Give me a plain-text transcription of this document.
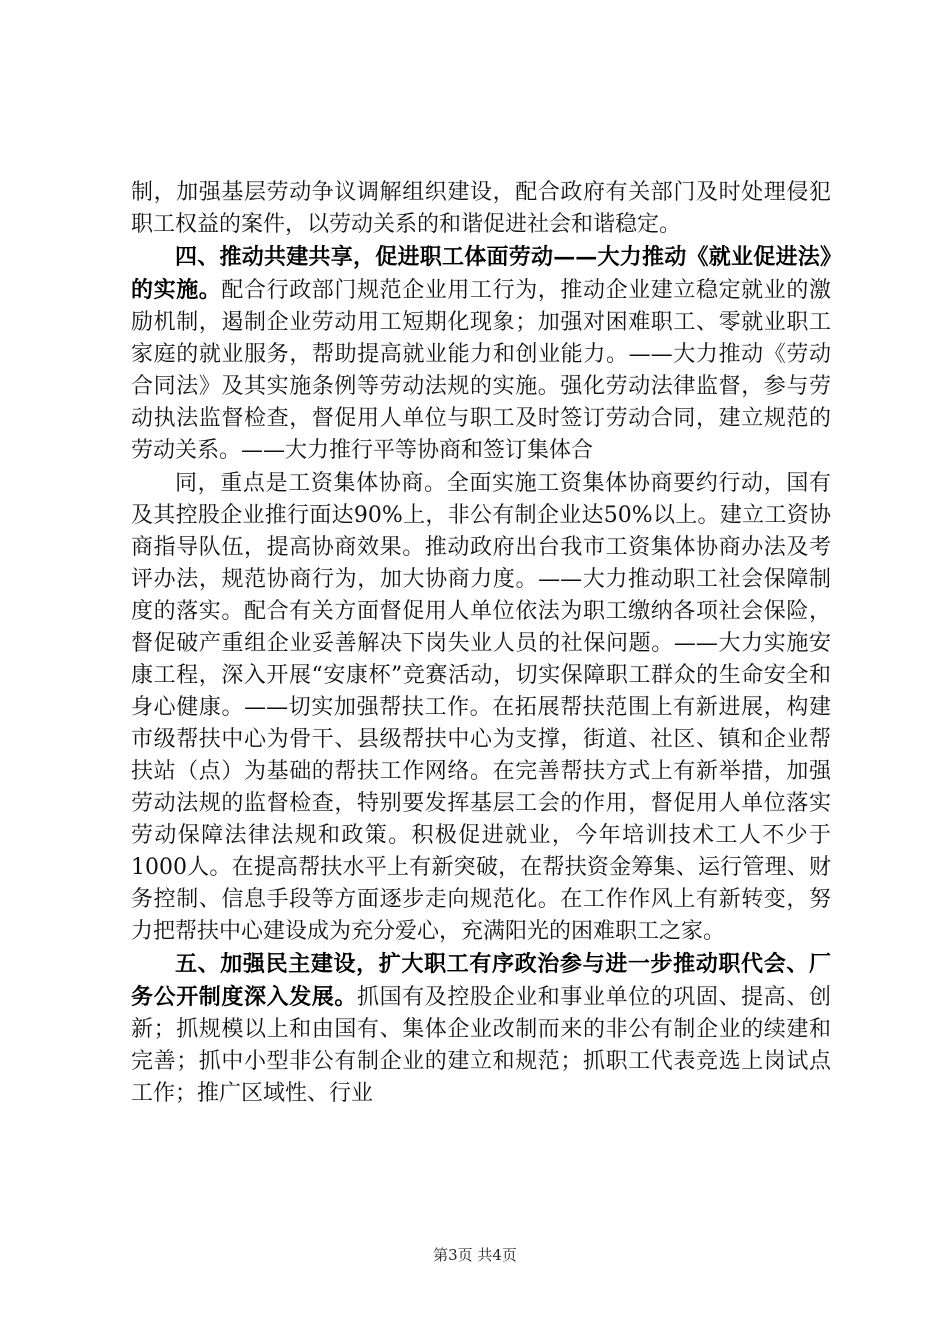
制，加强基层劳动争议调解组织建设，配合政府有关部门及时处理侵犯职工权益的案件，以劳动关系的和谐促进社会和谐稳定。

四、推动共建共享，促进职工体面劳动——大力推动《就业促进法》的实施。配合行政部门规范企业用工行为，推动企业建立稳定就业的激励机制，遏制企业劳动用工短期化现象；加强对困难职工、零就业职工家庭的就业服务，帮助提高就业能力和创业能力。——大力推动《劳动合同法》及其实施条例等劳动法规的实施。强化劳动法律监督，参与劳动执法监督检查，督促用人单位与职工及时签订劳动合同，建立规范的劳动关系。——大力推行平等协商和签订集体合

同，重点是工资集体协商。全面实施工资集体协商要约行动，国有及其控股企业推行面达90%上，非公有制企业达50%以上。建立工资协商指导队伍，提高协商效果。推动政府出台我市工资集体协商办法及考评办法，规范协商行为，加大协商力度。——大力推动职工社会保障制度的落实。配合有关方面督促用人单位依法为职工缴纳各项社会保险，督促破产重组企业妥善解决下岗失业人员的社保问题。——大力实施安康工程，深入开展“安康杯”竞赛活动，切实保障职工群众的生命安全和身心健康。——切实加强帮扶工作。在拓展帮扶范围上有新进展，构建市级帮扶中心为骨干、县级帮扶中心为支撑，街道、社区、镇和企业帮扶站（点）为基础的帮扶工作网络。在完善帮扶方式上有新举措，加强劳动法规的监督检查，特别要发挥基层工会的作用，督促用人单位落实劳动保障法律法规和政策。积极促进就业，今年培训技术工人不少于1000人。在提高帮扶水平上有新突破，在帮扶资金筹集、运行管理、财务控制、信息手段等方面逐步走向规范化。在工作作风上有新转变，努力把帮扶中心建设成为充分爱心，充满阳光的困难职工之家。

五、加强民主建设，扩大职工有序政治参与进一步推动职代会、厂务公开制度深入发展。抓国有及控股企业和事业单位的巩固、提高、创新；抓规模以上和由国有、集体企业改制而来的非公有制企业的续建和完善；抓中小型非公有制企业的建立和规范；抓职工代表竞选上岗试点工作；推广区域性、行业

第3页 共4页
